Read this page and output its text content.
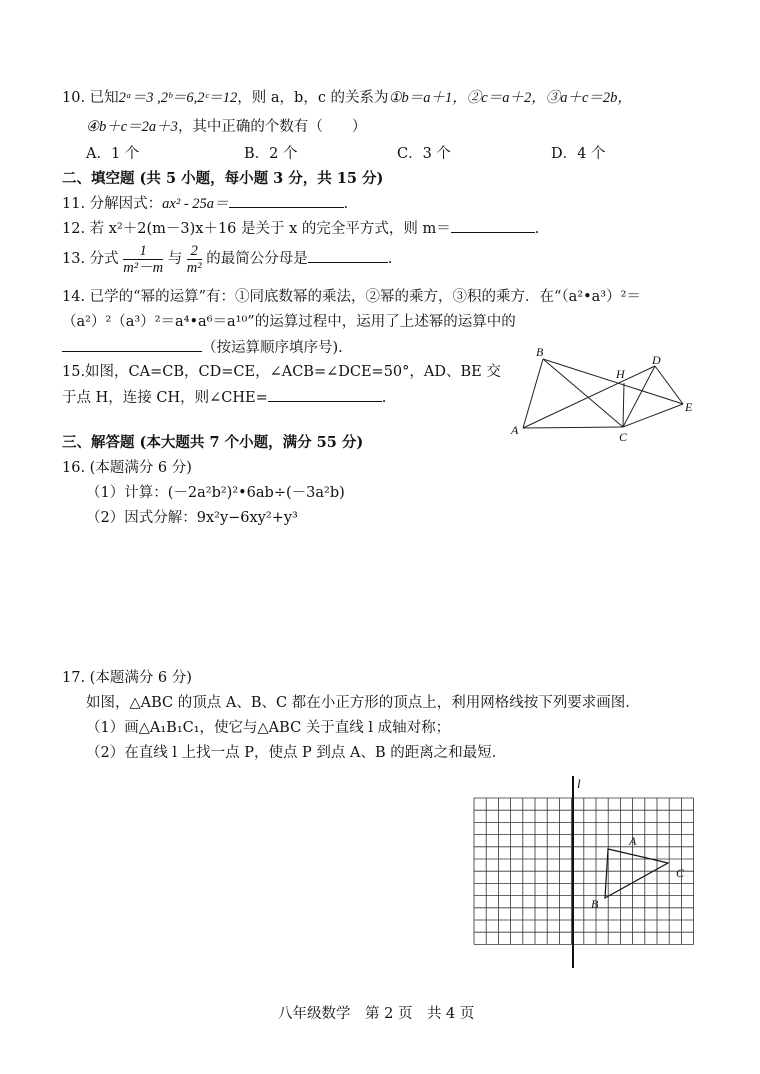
10. 已知2ᵃ＝3 ,2ᵇ＝6,2ᶜ＝12，则 a，b，c 的关系为①b＝a＋1，②c＝a＋2，③a＋c＝2b，
④b＋c＝2a＋3，其中正确的个数有（　　）
A．1 个	B．2 个	C．3 个	D．4 个
二、填空题 (共 5 小题，每小题 3 分，共 15 分)
11. 分解因式：ax² - 25a＝	.
12. 若 x²＋2(m－3)x＋16 是关于 x 的完全平方式，则 m＝	.
13. 分式 $\frac{1}{\text{m²－m}}$ 与 $\frac{2}{\text{m²}}$ 的最简公分母是	.
14. 已学的“幂的运算”有：①同底数幂的乘法，②幂的乘方，③积的乘方．在“（a²•a³）²＝
（a²）²（a³）²＝a⁴•a⁶＝a¹⁰”的运算过程中，运用了上述幂的运算中的
（按运算顺序填序号).
15.如图，CA=CB，CD=CE，∠ACB=∠DCE=50°，AD、BE 交
于点 H，连接 CH，则∠CHE=	.
B
A	C
H
D
E
三、解答题 (本大题共 7 个小题，满分 55 分)
16. (本题满分 6 分)
（1）计算：(－2a²b²)²•6ab÷(－3a²b)
（2）因式分解：9x²y−6xy²+y³
17. (本题满分 6 分)
如图，△ABC 的顶点 A、B、C 都在小正方形的顶点上，利用网格线按下列要求画图．
（1）画△A₁B₁C₁，使它与△ABC 关于直线 l 成轴对称；
（2）在直线 l 上找一点 P，使点 P 到点 A、B 的距离之和最短．
l
A
B
C
八年级数学　第 2 页　共 4 页
